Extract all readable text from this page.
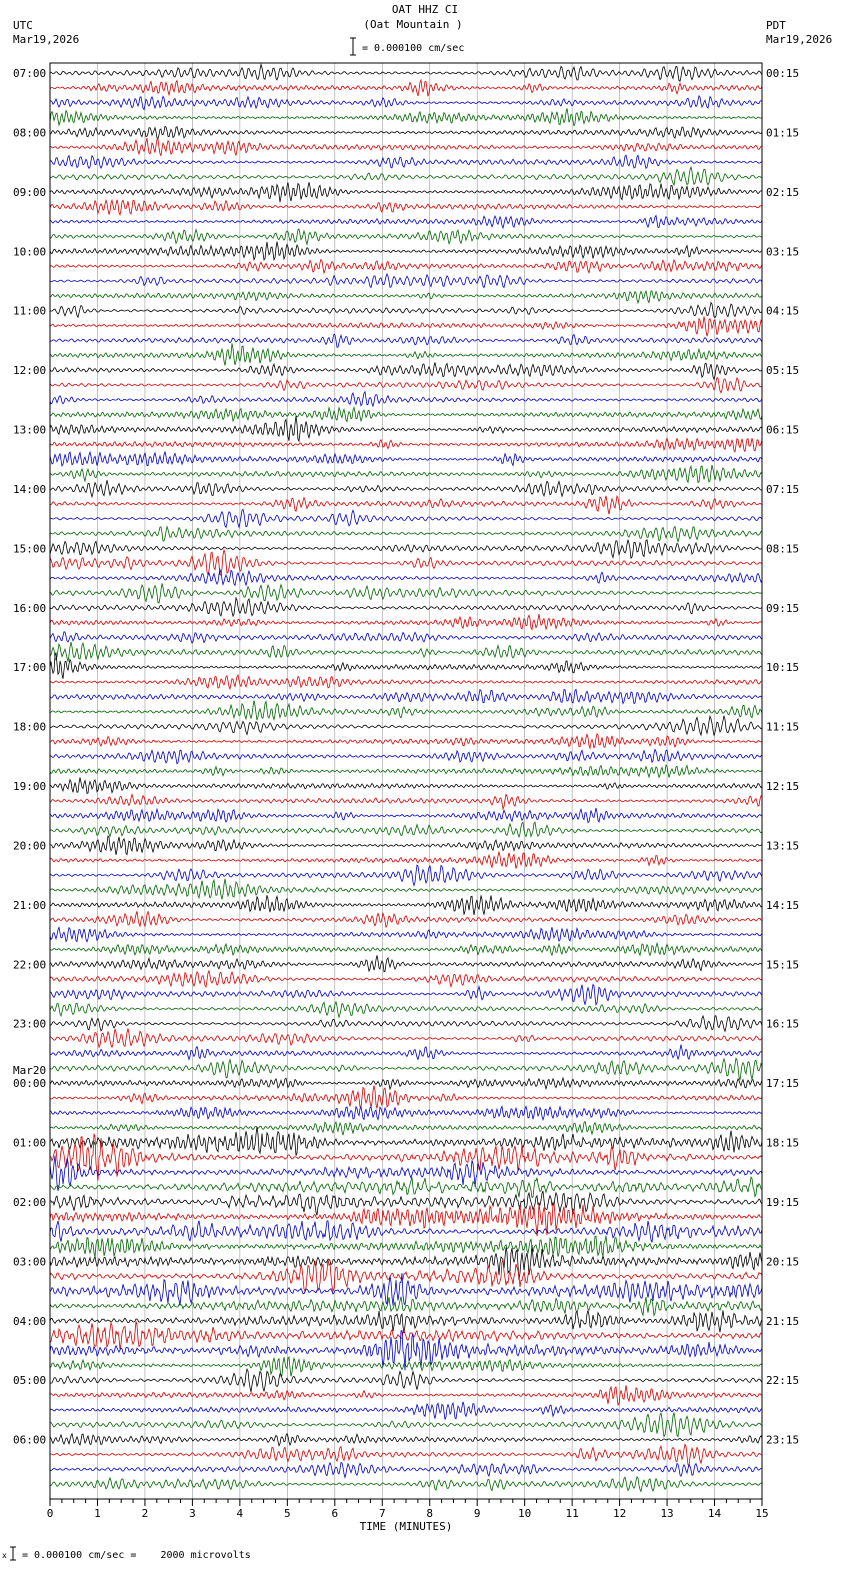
OAT HHZ CI
(Oat Mountain )
UTC
Mar19,2026
PDT
Mar19,2026
= 0.000100 cm/sec
07:00	00:15
08:00	01:15
09:00	02:15
10:00	03:15
11:00	04:15
12:00	05:15
13:00	06:15
14:00	07:15
15:00	08:15
16:00	09:15
17:00	10:15
18:00	11:15
19:00	12:15
20:00	13:15
21:00	14:15
22:00	15:15
23:00	16:15
00:00	17:15
Mar20
01:00	18:15
02:00	19:15
03:00	20:15
04:00	21:15
05:00	22:15
06:00	23:15
0	1	2	3	4	5	6	7	8	9	10	11	12	13	14	15
TIME (MINUTES)
x = 0.000100 cm/sec =    2000 microvolts
